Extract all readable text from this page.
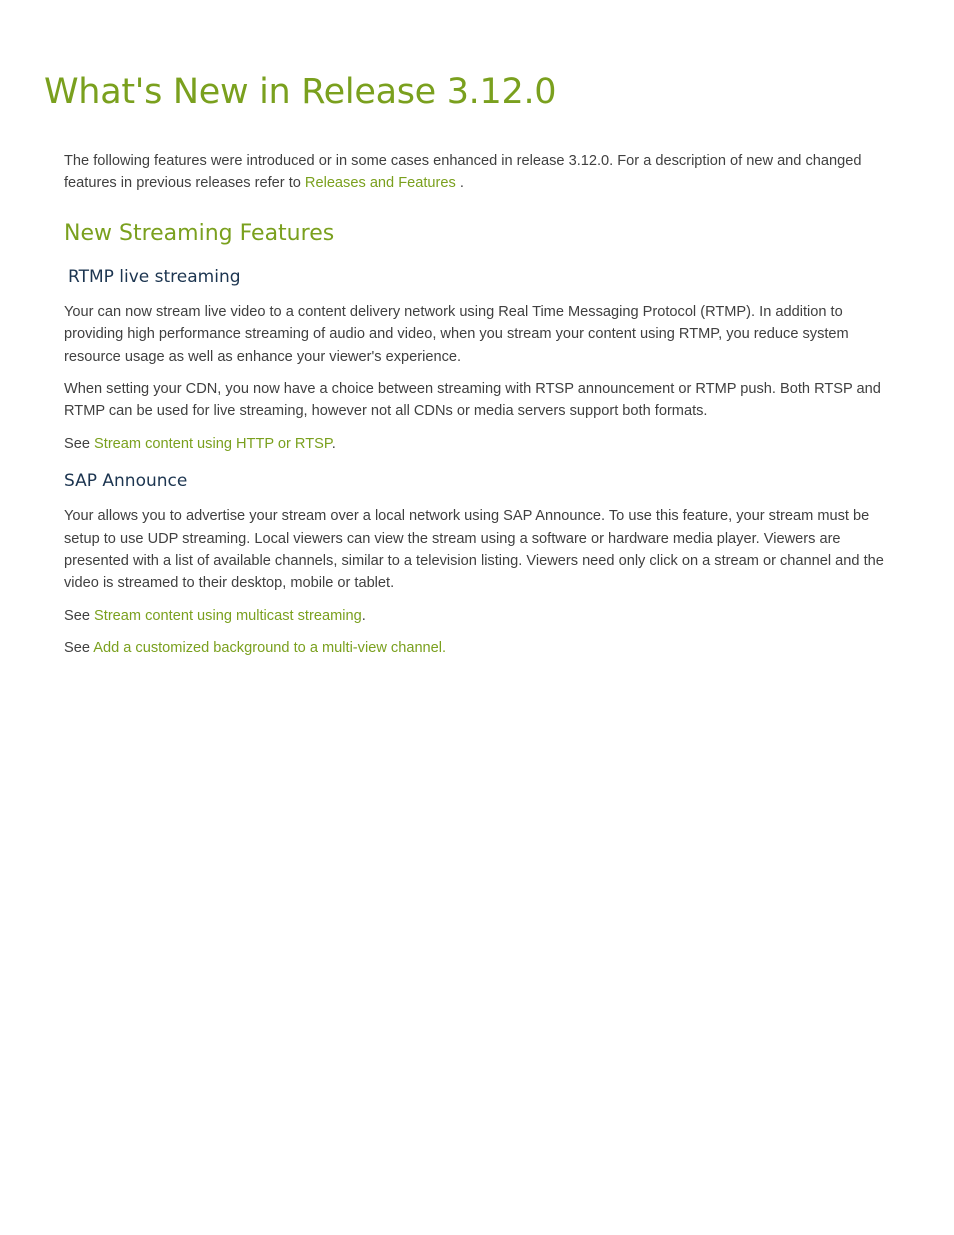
What's New in Release 3.12.0

The following features were introduced or in some cases enhanced in release 3.12.0. For a description of new and changed features in previous releases refer to Releases and Features .

New Streaming Features
RTMP live streaming

Your can now stream live video to a content delivery network using Real Time Messaging Protocol (RTMP). In addition to providing high performance streaming of audio and video, when you stream your content using RTMP, you reduce system resource usage as well as enhance your viewer's experience.

When setting your CDN, you now have a choice between streaming with RTSP announcement or RTMP push. Both RTSP and RTMP can be used for live streaming, however not all CDNs or media servers support both formats.

See Stream content using HTTP or RTSP.

SAP Announce

Your allows you to advertise your stream over a local network using SAP Announce. To use this feature, your stream must be setup to use UDP streaming. Local viewers can view the stream using a software or hardware media player. Viewers are presented with a list of available channels, similar to a television listing. Viewers need only click on a stream or channel and the video is streamed to their desktop, mobile or tablet.

See Stream content using multicast streaming.

See Add a customized background to a multi-view channel.
